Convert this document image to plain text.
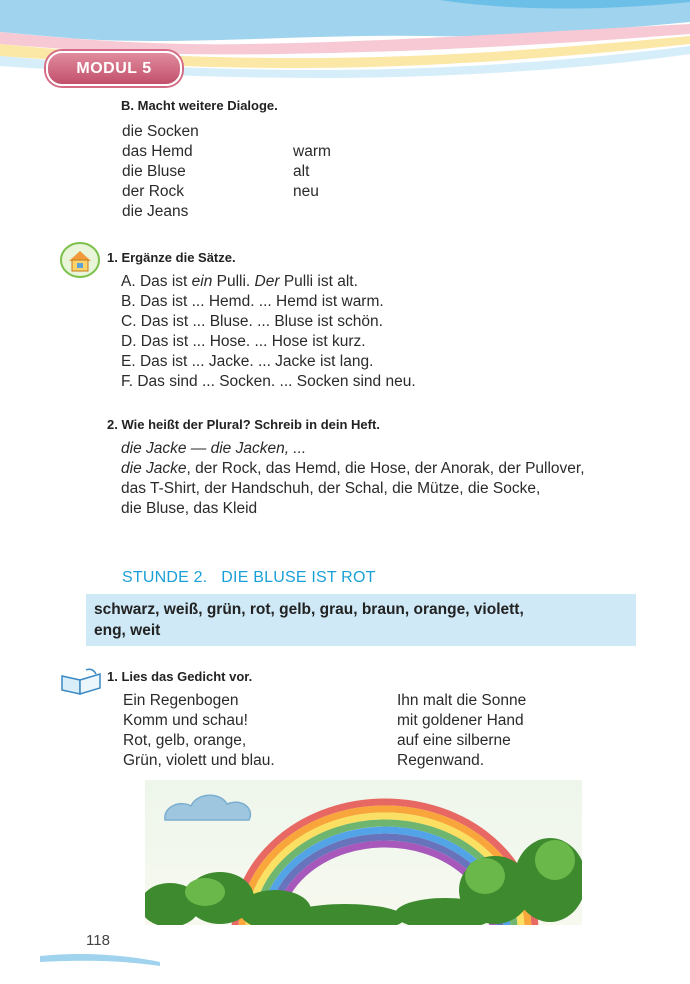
MODUL 5
B. Macht weitere Dialoge.
die Socken
das Hemd
die Bluse
der Rock
die Jeans
warm
alt
neu
1. Ergänze die Sätze.
A. Das ist ein Pulli. Der Pulli ist alt.
B. Das ist ... Hemd. ... Hemd ist warm.
C. Das ist ... Bluse. ... Bluse ist schön.
D. Das ist ... Hose. ... Hose ist kurz.
E. Das ist ... Jacke. ... Jacke ist lang.
F. Das sind ... Socken. ... Socken sind neu.
2. Wie heißt der Plural? Schreib in dein Heft.
die Jacke — die Jacken, ...
die Jacke, der Rock, das Hemd, die Hose, der Anorak, der Pullover,
das T-Shirt, der Handschuh, der Schal, die Mütze, die Socke,
die Bluse, das Kleid
STUNDE 2.   DIE BLUSE IST ROT
schwarz, weiß, grün, rot, gelb, grau, braun, orange, violett,
eng, weit
1. Lies das Gedicht vor.
Ein Regenbogen
Komm und schau!
Rot, gelb, orange,
Grün, violett und blau.
Ihn malt die Sonne
mit goldener Hand
auf eine silberne
Regenwand.
118
